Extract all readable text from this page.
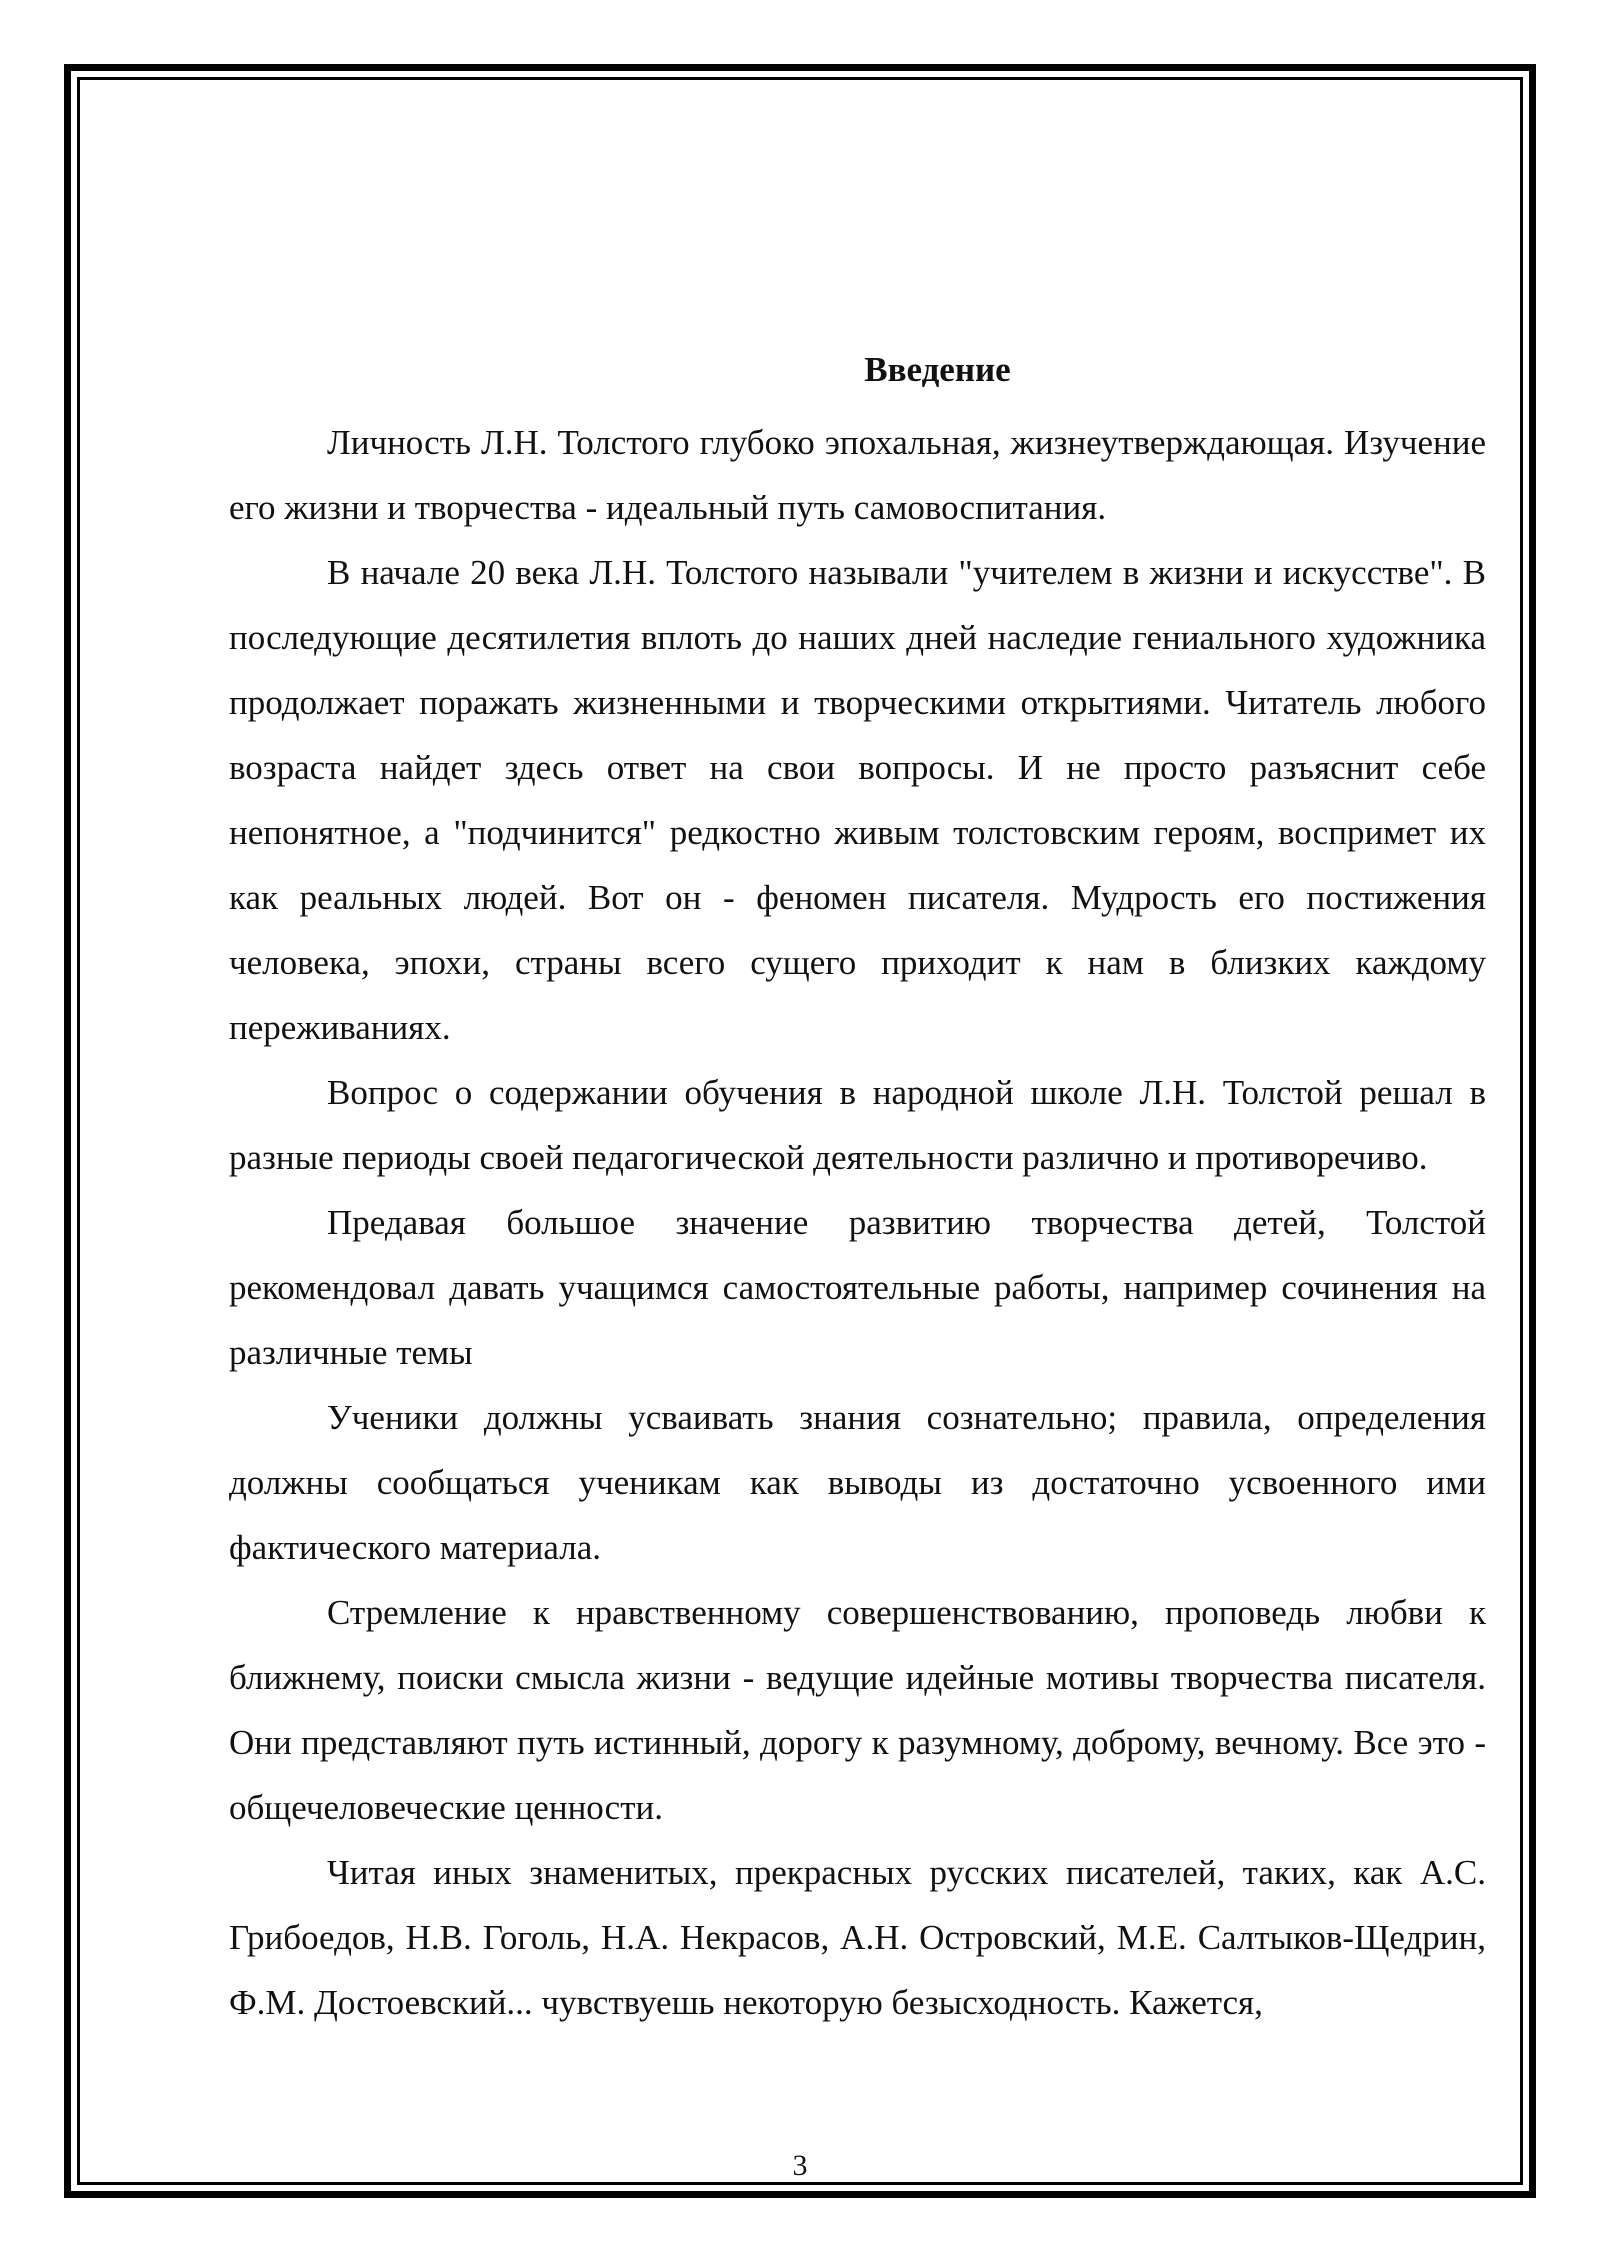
Введение

Личность Л.Н. Толстого глубоко эпохальная, жизнеутверждающая. Изучение его жизни и творчества - идеальный путь самовоспитания.

В начале 20 века Л.Н. Толстого называли "учителем в жизни и искусстве". В последующие десятилетия вплоть до наших дней наследие гениального художника продолжает поражать жизненными и творческими открытиями. Читатель любого возраста найдет здесь ответ на свои вопросы. И не просто разъяснит себе непонятное, а "подчинится" редкостно живым толстовским героям, воспримет их как реальных людей. Вот он - феномен писателя. Мудрость его постижения человека, эпохи, страны всего сущего приходит к нам в близких каждому переживаниях.

Вопрос о содержании обучения в народной школе Л.Н. Толстой решал в разные периоды своей педагогической деятельности различно и противоречиво.

Предавая большое значение развитию творчества детей, Толстой рекомендовал давать учащимся самостоятельные работы, например сочинения на различные темы

Ученики должны усваивать знания сознательно; правила, определения должны сообщаться ученикам как выводы из достаточно усвоенного ими фактического материала.

Стремление к нравственному совершенствованию, проповедь любви к ближнему, поиски смысла жизни - ведущие идейные мотивы творчества писателя. Они представляют путь истинный, дорогу к разумному, доброму, вечному. Все это - общечеловеческие ценности.

Читая иных знаменитых, прекрасных русских писателей, таких, как А.С. Грибоедов, Н.В. Гоголь, Н.А. Некрасов, А.Н. Островский, М.Е. Салтыков-Щедрин, Ф.М. Достоевский... чувствуешь некоторую безысходность. Кажется,

3
